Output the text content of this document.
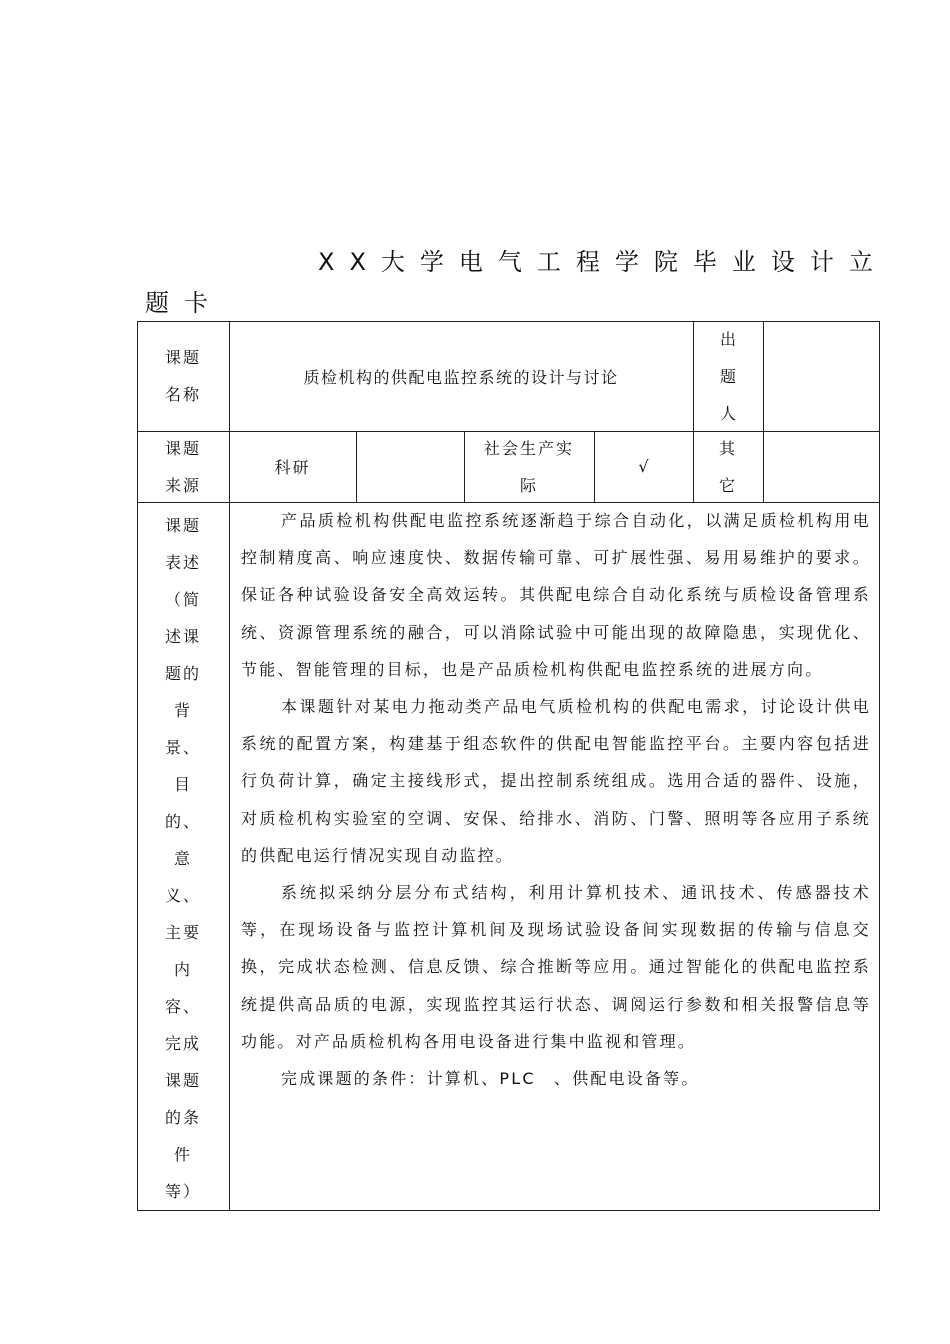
XX大学电气工程学院毕业设计立
题卡
课题
名称
质检机构的供配电监控系统的设计与讨论
出
题
人
课题
来源
科研
社会生产实
际
√
其
它
课题
表述
（简
述课
题的
背
景、
目
的、
意
义、
主要
内
容、
完成
课题
的条
件
等）

产品质检机构供配电监控系统逐渐趋于综合自动化，以满足质检机构用电控制精度高、响应速度快、数据传输可靠、可扩展性强、易用易维护的要求。保证各种试验设备安全高效运转。其供配电综合自动化系统与质检设备管理系统、资源管理系统的融合，可以消除试验中可能出现的故障隐患，实现优化、节能、智能管理的目标，也是产品质检机构供配电监控系统的进展方向。

本课题针对某电力拖动类产品电气质检机构的供配电需求，讨论设计供电系统的配置方案，构建基于组态软件的供配电智能监控平台。主要内容包括进行负荷计算，确定主接线形式，提出控制系统组成。选用合适的器件、设施，对质检机构实验室的空调、安保、给排水、消防、门警、照明等各应用子系统的供配电运行情况实现自动监控。

系统拟采纳分层分布式结构，利用计算机技术、通讯技术、传感器技术等，在现场设备与监控计算机间及现场试验设备间实现数据的传输与信息交换，完成状态检测、信息反馈、综合推断等应用。通过智能化的供配电监控系统提供高品质的电源，实现监控其运行状态、调阅运行参数和相关报警信息等功能。对产品质检机构各用电设备进行集中监视和管理。

完成课题的条件：计算机、PLC　、供配电设备等。
